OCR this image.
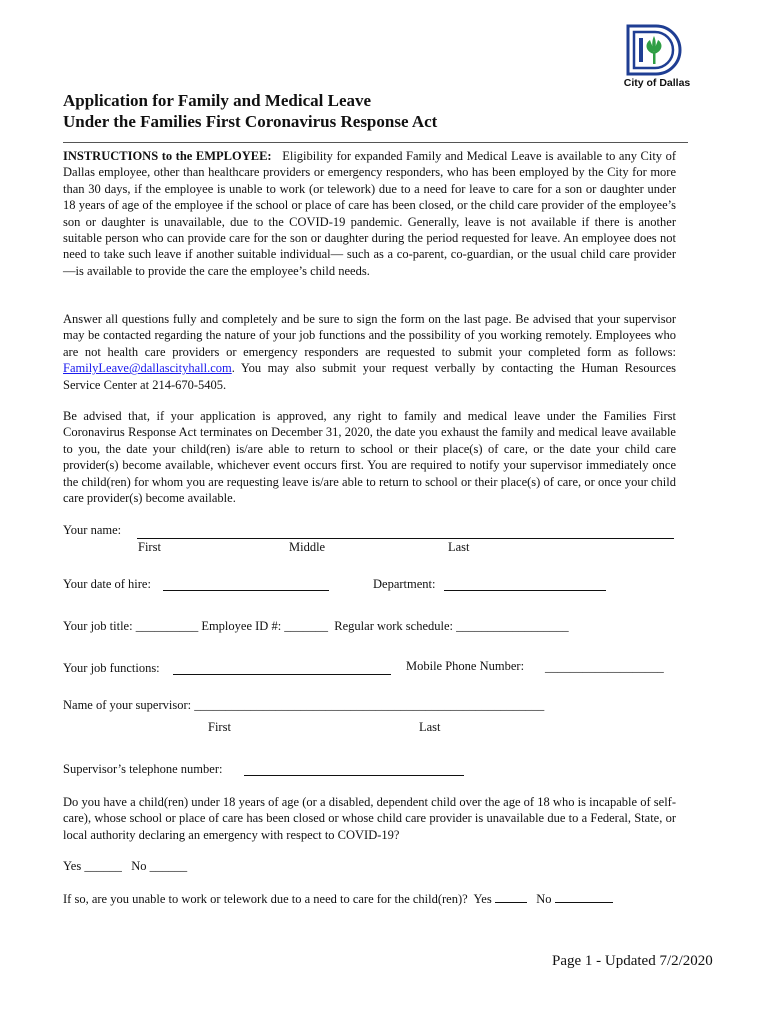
City of Dallas
Application for Family and Medical Leave
Under the Families First Coronavirus Response Act
INSTRUCTIONS to the EMPLOYEE: Eligibility for expanded Family and Medical Leave is available to any City of Dallas employee, other than healthcare providers or emergency responders, who has been employed by the City for more than 30 days, if the employee is unable to work (or telework) due to a need for leave to care for a son or daughter under 18 years of age of the employee if the school or place of care has been closed, or the child care provider of the employee’s son or daughter is unavailable, due to the COVID-19 pandemic. Generally, leave is not available if there is another suitable person who can provide care for the son or daughter during the period requested for leave. An employee does not need to take such leave if another suitable individual— such as a co-parent, co-guardian, or the usual child care provider—is available to provide the care the employee’s child needs.
Answer all questions fully and completely and be sure to sign the form on the last page. Be advised that your supervisor may be contacted regarding the nature of your job functions and the possibility of you working remotely. Employees who are not health care providers or emergency responders are requested to submit your completed form as follows: FamilyLeave@dallascityhall.com. You may also submit your request verbally by contacting the Human Resources Service Center at 214-670-5405.
Be advised that, if your application is approved, any right to family and medical leave under the Families First Coronavirus Response Act terminates on December 31, 2020, the date you exhaust the family and medical leave available to you, the date your child(ren) is/are able to return to school or their place(s) of care, or the date your child care provider(s) become available, whichever event occurs first. You are required to notify your supervisor immediately once the child(ren) for whom you are requesting leave is/are able to return to school or their place(s) of care, or once your child care provider(s) become available.
Your name:
First	Middle	Last
Your date of hire:	Department:
Your job title: __________ Employee ID #: _______ Regular work schedule: __________________
Your job functions:	Mobile Phone Number: ___________________
Name of your supervisor: ________________________________________________________
First	Last
Supervisor’s telephone number:
Do you have a child(ren) under 18 years of age (or a disabled, dependent child over the age of 18 who is incapable of self-care), whose school or place of care has been closed or whose child care provider is unavailable due to a Federal, State, or local authority declaring an emergency with respect to COVID-19?
Yes ______ No ______
If so, are you unable to work or telework due to a need to care for the child(ren)? Yes	No
Page 1 - Updated 7/2/2020
